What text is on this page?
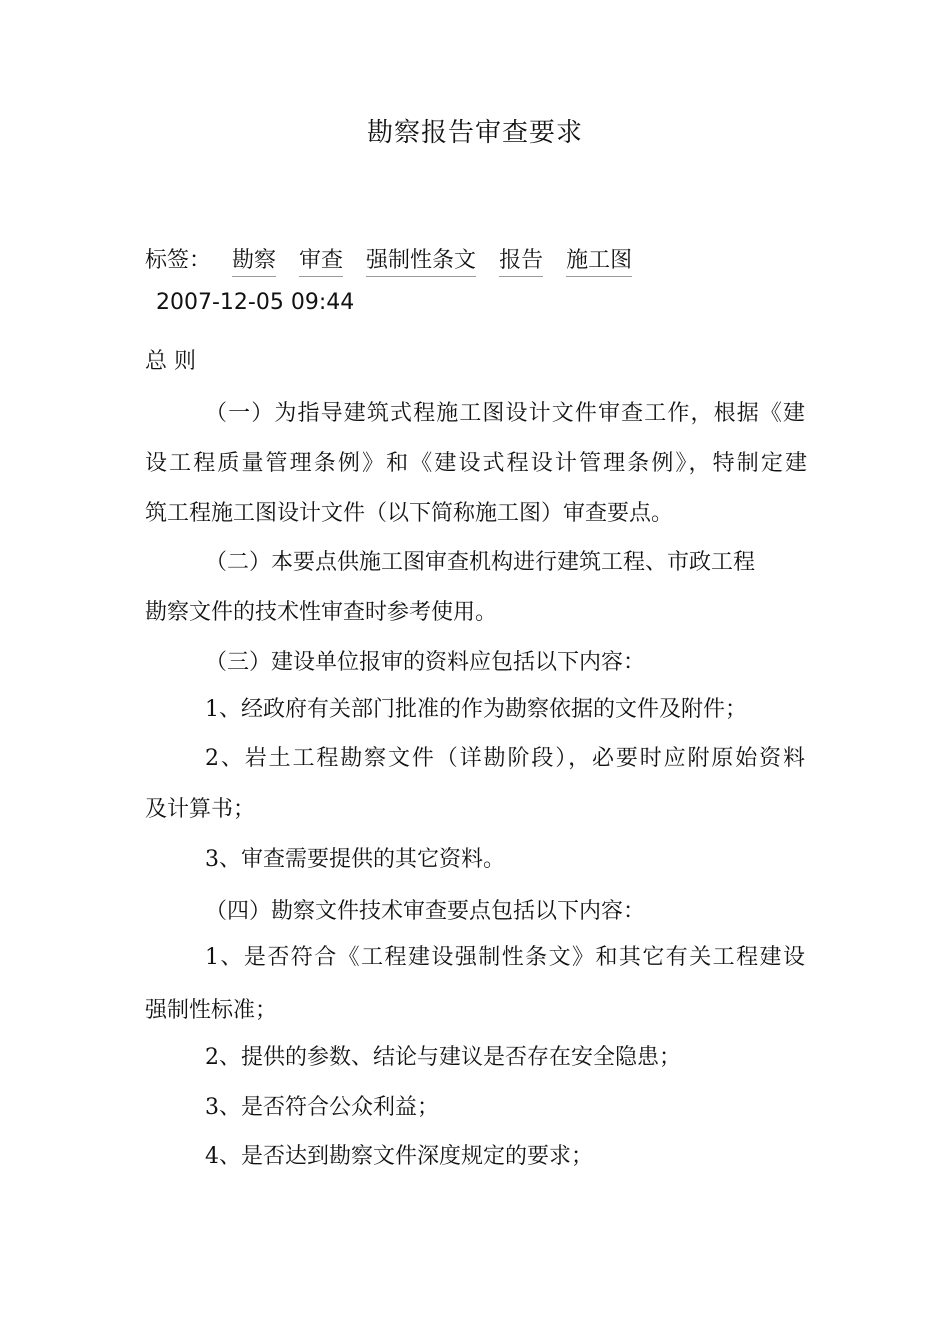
勘察报告审查要求
标签： 勘察 审查 强制性条文 报告 施工图
2007-12-05 09:44
总 则
（一）为指导建筑式程施工图设计文件审查工作，根据《建
设工程质量管理条例》和《建设式程设计管理条例》，特制定建
筑工程施工图设计文件（以下简称施工图）审查要点。
（二）本要点供施工图审查机构进行建筑工程、市政工程
勘察文件的技术性审查时参考使用。
（三）建设单位报审的资料应包括以下内容：
1、经政府有关部门批准的作为勘察依据的文件及附件；
2、岩土工程勘察文件（详勘阶段），必要时应附原始资料
及计算书；
3、审查需要提供的其它资料。
（四）勘察文件技术审查要点包括以下内容：
1、是否符合《工程建设强制性条文》和其它有关工程建设
强制性标准；
2、提供的参数、结论与建议是否存在安全隐患；
3、是否符合公众利益；
4、是否达到勘察文件深度规定的要求；
